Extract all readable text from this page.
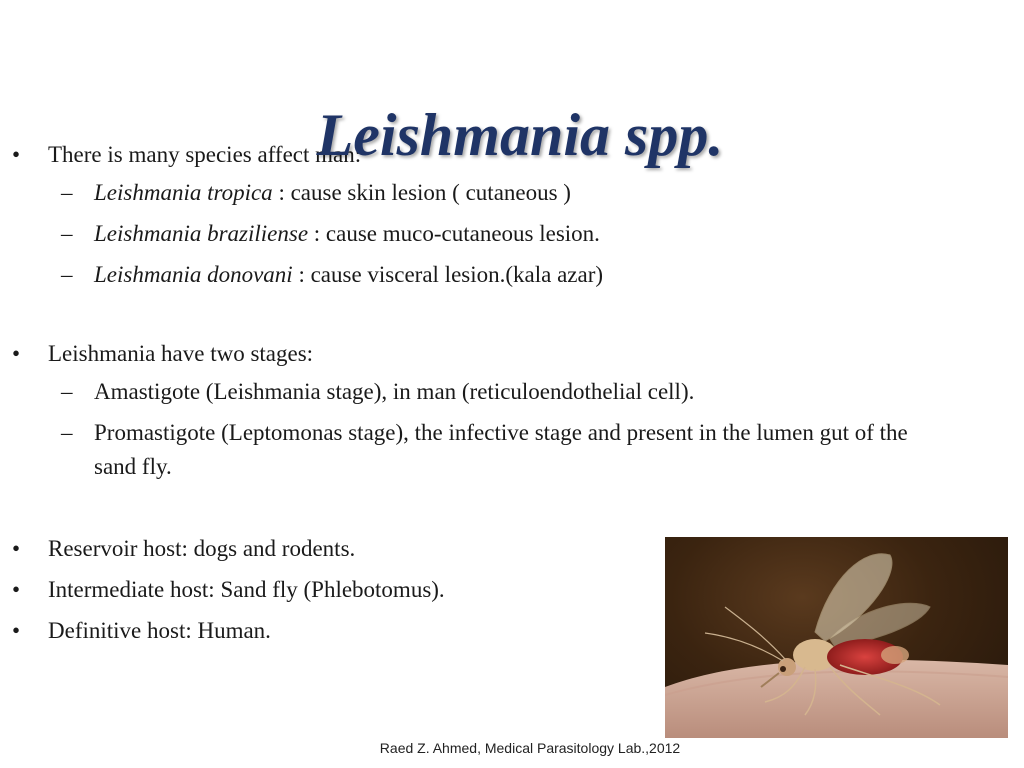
• There is many species affect man:

– Leishmania tropica : cause skin lesion ( cutaneous )

– Leishmania braziliense : cause muco-cutaneous lesion.

– Leishmania donovani : cause visceral lesion.(kala azar)

• Leishmania have two stages:

– Amastigote (Leishmania stage), in man (reticuloendothelial cell).

– Promastigote (Leptomonas stage), the infective stage and present in the lumen gut of the sand fly.

• Reservoir host: dogs and rodents.

• Intermediate host: Sand fly (Phlebotomus).

• Definitive host: Human.

Leishmania spp.
Raed Z. Ahmed, Medical Parasitology Lab.,2012
